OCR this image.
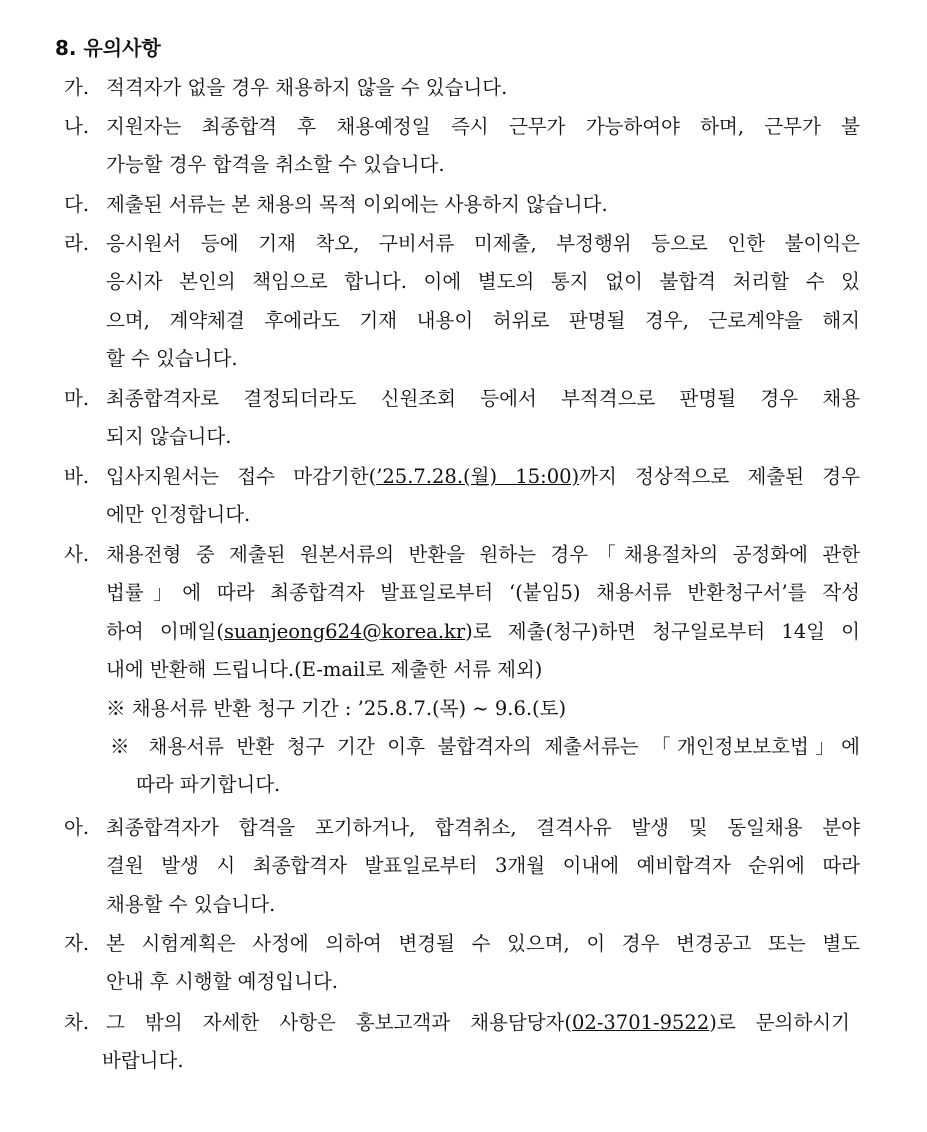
8. 유의사항
가. 적격자가 없을 경우 채용하지 않을 수 있습니다.
나. 지원자는 최종합격 후 채용예정일 즉시 근무가 가능하여야 하며, 근무가 불
가능할 경우 합격을 취소할 수 있습니다.
다. 제출된 서류는 본 채용의 목적 이외에는 사용하지 않습니다.
라. 응시원서 등에 기재 착오, 구비서류 미제출, 부정행위 등으로 인한 불이익은
응시자 본인의 책임으로 합니다. 이에 별도의 통지 없이 불합격 처리할 수 있
으며, 계약체결 후에라도 기재 내용이 허위로 판명될 경우, 근로계약을 해지
할 수 있습니다.
마. 최종합격자로 결정되더라도 신원조회 등에서 부적격으로 판명될 경우 채용
되지 않습니다.
바. 입사지원서는 접수 마감기한(’25.7.28.(월) 15:00)까지 정상적으로 제출된 경우
에만 인정합니다.
사. 채용전형 중 제출된 원본서류의 반환을 원하는 경우「채용절차의 공정화에 관한
법률」에 따라 최종합격자 발표일로부터 ‘(붙임5) 채용서류 반환청구서’를 작성
하여 이메일(suanjeong624@korea.kr)로 제출(청구)하면 청구일로부터 14일 이
내에 반환해 드립니다.(E-mail로 제출한 서류 제외)
※ 채용서류 반환 청구 기간 : ’25.8.7.(목) ~ 9.6.(토)
※ 채용서류 반환 청구 기간 이후 불합격자의 제출서류는 「개인정보보호법」에
따라 파기합니다.
아. 최종합격자가 합격을 포기하거나, 합격취소, 결격사유 발생 및 동일채용 분야
결원 발생 시 최종합격자 발표일로부터 3개월 이내에 예비합격자 순위에 따라
채용할 수 있습니다.
자. 본 시험계획은 사정에 의하여 변경될 수 있으며, 이 경우 변경공고 또는 별도
안내 후 시행할 예정입니다.
차. 그 밖의 자세한 사항은 홍보고객과 채용담당자(02-3701-9522)로 문의하시기
바랍니다.
